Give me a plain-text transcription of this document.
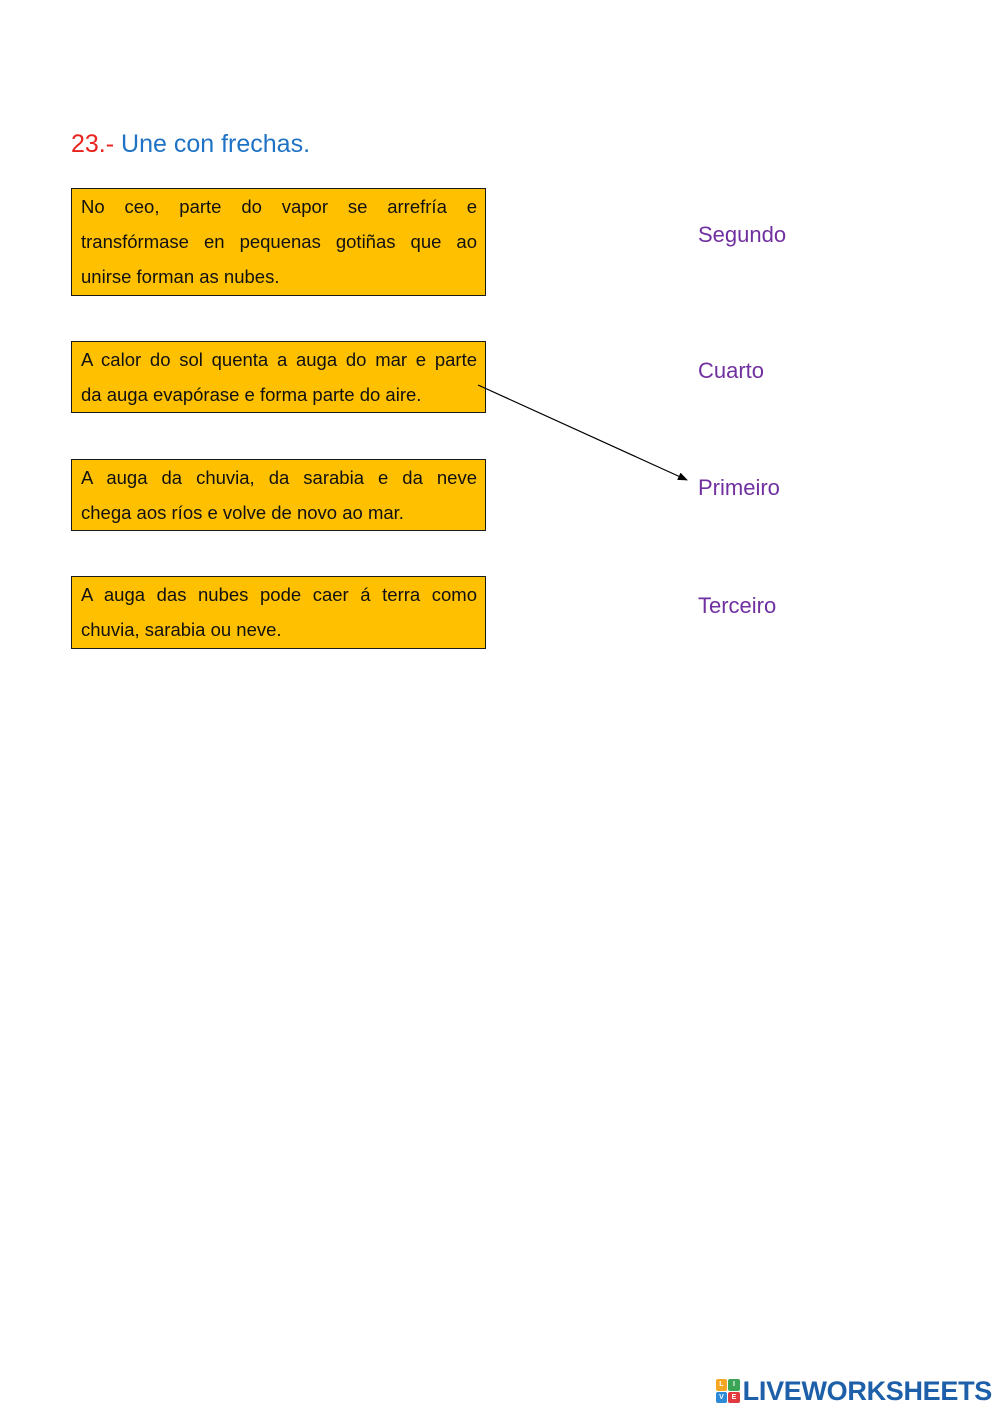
23.- Une con frechas.
No ceo, parte do vapor se arrefría e
transfórmase en pequenas gotiñas que ao
unirse forman as nubes.
A calor do sol quenta a auga do mar e parte
da auga evapórase e forma parte do aire.
A auga da chuvia, da sarabia e da neve
chega aos ríos e volve de novo ao mar.
A auga das nubes pode caer á terra como
chuvia, sarabia ou neve.
Segundo
Cuarto
Primeiro
Terceiro
L	I
V	E LIVEWORKSHEETS
